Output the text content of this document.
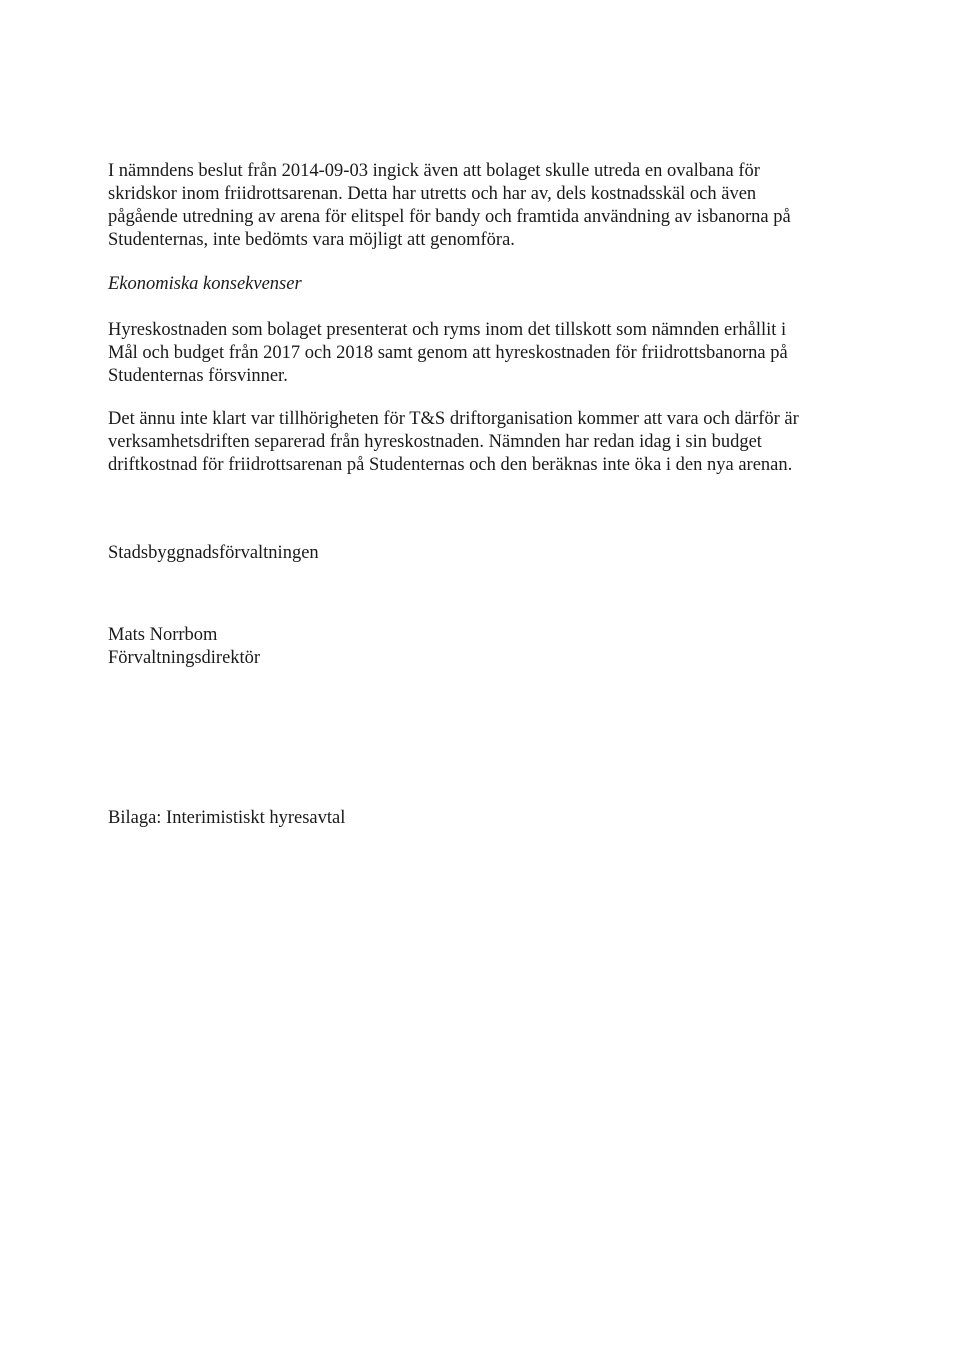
I nämndens beslut från 2014-09-03 ingick även att bolaget skulle utreda en ovalbana för
skridskor inom friidrottsarenan. Detta har utretts och har av, dels kostnadsskäl och även
pågående utredning av arena för elitspel för bandy och framtida användning av isbanorna på
Studenternas, inte bedömts vara möjligt att genomföra.
Ekonomiska konsekvenser
Hyreskostnaden som bolaget presenterat och ryms inom det tillskott som nämnden erhållit i
Mål och budget från 2017 och 2018 samt genom att hyreskostnaden för friidrottsbanorna på
Studenternas försvinner.
Det ännu inte klart var tillhörigheten för T&S driftorganisation kommer att vara och därför är
verksamhetsdriften separerad från hyreskostnaden. Nämnden har redan idag i sin budget
driftkostnad för friidrottsarenan på Studenternas och den beräknas inte öka i den nya arenan.
Stadsbyggnadsförvaltningen
Mats Norrbom
Förvaltningsdirektör
Bilaga: Interimistiskt hyresavtal
